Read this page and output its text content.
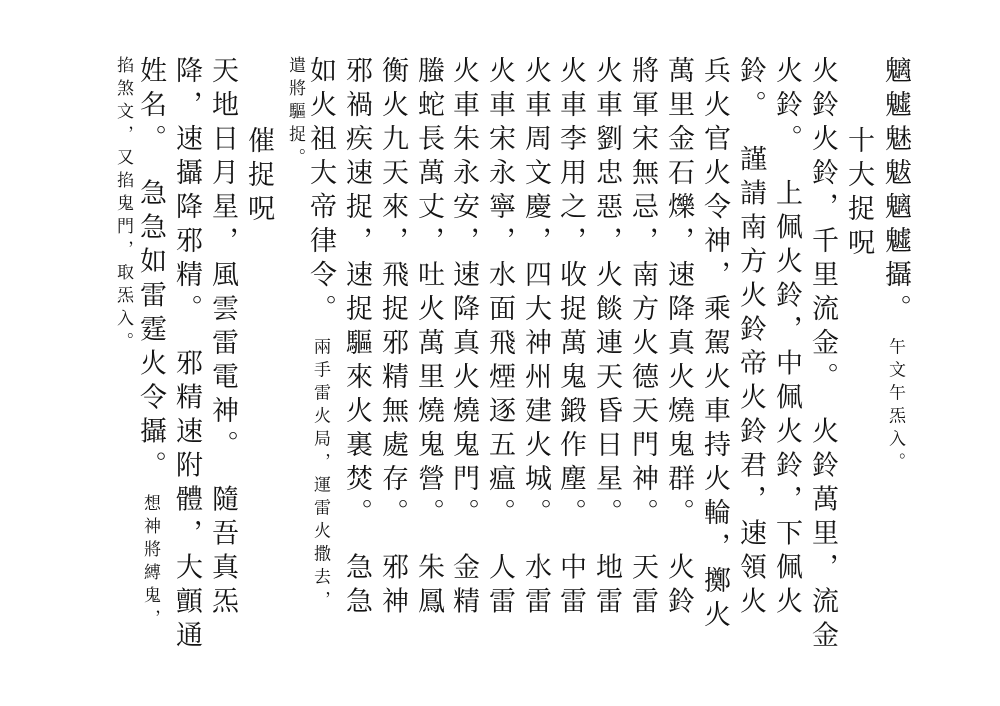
魑魖魅魃魑魖攝。　午文午炁入。
十大捉呪
火鈴火鈴，千里流金。　火鈴萬里，流金
火鈴。　上佩火鈴，中佩火鈴，下佩火
鈴。　謹請南方火鈴帝火鈴君，速領火
兵火官火令神，乘駕火車持火輪，擲火
萬里金石爍，速降真火燒鬼群。　火鈴
將軍宋無忌，南方火德天門神。　天雷
火車劉忠惡，火餤連天昏日星。　地雷
火車李用之，收捉萬鬼鍛作塵。　中雷
火車周文慶，四大神州建火城。　水雷
火車宋永寧，水面飛煙逐五瘟。　人雷
火車朱永安，速降真火燒鬼門。　金精
螣蛇長萬丈，吐火萬里燒鬼營。　朱鳳
衡火九天來，飛捉邪精無處存。　邪神
邪禍疾速捉，速捉驅來火裏焚。　急急
如火祖大帝律令。　兩手雷火局，運雷火撒去，
遣將驅捉。
催捉呪
天地日月星，風雲雷電神。　隨吾真炁
降，速攝降邪精。　邪精速附體，大顫通
姓名。　急急如雷霆火令攝。　想神將縛鬼，
掐煞文，又掐鬼門，取炁入。
